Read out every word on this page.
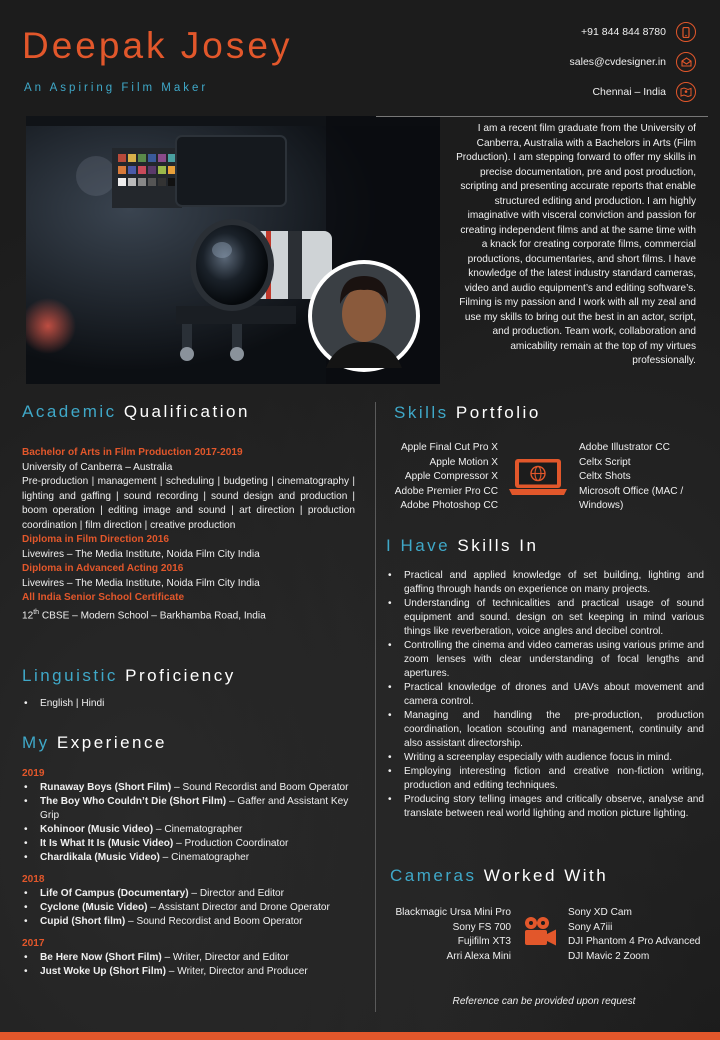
Deepak Josey
An Aspiring Film Maker
+91 844 844 8780
sales@cvdesigner.in
Chennai – India
I am a recent film graduate from the University of Canberra, Australia with a Bachelors in Arts (Film Production). I am stepping forward to offer my skills in precise documentation, pre and post production, scripting and presenting accurate reports that enable structured editing and production. I am highly imaginative with visceral conviction and passion for creating independent films and at the same time with a knack for creating corporate films, commercial productions, documentaries, and short films. I have knowledge of the latest industry standard cameras, video and audio equipment’s and editing software’s. Filming is my passion and I work with all my zeal and use my skills to bring out the best in an actor, script, and production. Team work, collaboration and amicability remain at the top of my virtues professionally.
Academic Qualification
Bachelor of Arts in Film Production 2017-2019
University of Canberra – Australia
Pre-production | management | scheduling | budgeting | cinematography | lighting and gaffing | sound recording | sound design and production | boom operation | editing image and sound | art direction | production coordination | film direction | creative production
Diploma in Film Direction 2016
Livewires – The Media Institute, Noida Film City India
Diploma in Advanced Acting 2016
Livewires – The Media Institute, Noida Film City India
All India Senior School Certificate
12th CBSE – Modern School – Barkhamba Road, India
Linguistic Proficiency
• English | Hindi
My Experience
2019
• Runaway Boys (Short Film) – Sound Recordist and Boom Operator
• The Boy Who Couldn’t Die (Short Film) – Gaffer and Assistant Key Grip
• Kohinoor (Music Video) – Cinematographer
• It Is What It Is (Music Video) – Production Coordinator
• Chardikala (Music Video) – Cinematographer
2018
• Life Of Campus (Documentary) – Director and Editor
• Cyclone (Music Video) – Assistant Director and Drone Operator
• Cupid (Short film) – Sound Recordist and Boom Operator
2017
• Be Here Now (Short Film) – Writer, Director and Editor
• Just Woke Up (Short Film) – Writer, Director and Producer
Skills Portfolio
Apple Final Cut Pro X
Apple Motion X
Apple Compressor X
Adobe Premier Pro CC
Adobe Photoshop CC
Adobe Illustrator CC
Celtx Script
Celtx Shots
Microsoft Office (MAC /
Windows)
I Have Skills In
• Practical and applied knowledge of set building, lighting and gaffing through hands on experience on many projects.
• Understanding of technicalities and practical usage of sound equipment and sound. design on set keeping in mind various things like reverberation, voice angles and decibel control.
• Controlling the cinema and video cameras using various prime and zoom lenses with clear understanding of focal lengths and apertures.
• Practical knowledge of drones and UAVs about movement and camera control.
• Managing and handling the pre-production, production coordination, location scouting and management, continuity and also assistant directorship.
• Writing a screenplay especially with audience focus in mind.
• Employing interesting fiction and creative non-fiction writing, production and editing techniques.
• Producing story telling images and critically observe, analyse and translate between real world lighting and motion picture lighting.
Cameras Worked With
Blackmagic Ursa Mini Pro
Sony FS 700
Fujifilm XT3
Arri Alexa Mini
Sony XD Cam
Sony A7iii
DJI Phantom 4 Pro Advanced
DJI Mavic 2 Zoom
Reference can be provided upon request
